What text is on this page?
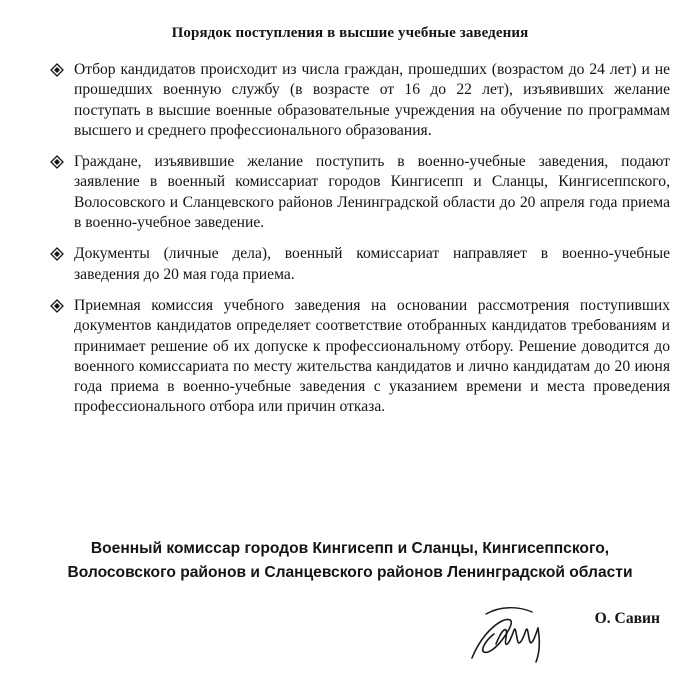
Порядок поступления в высшие учебные заведения
Отбор кандидатов происходит из числа граждан, прошедших (возрастом до 24 лет) и не прошедших военную службу (в возрасте от 16 до 22 лет), изъявивших желание поступать в высшие военные образовательные учреждения на обучение по программам высшего и среднего профессионального образования.
Граждане, изъявившие желание поступить в военно-учебные заведения, подают заявление в военный комиссариат городов Кингисепп и Сланцы, Кингисеппского, Волосовского и Сланцевского районов Ленинградской области до 20 апреля года приема в военно-учебное заведение.
Документы (личные дела), военный комиссариат направляет в военно-учебные заведения до 20 мая года приема.
Приемная комиссия учебного заведения на основании рассмотрения поступивших документов кандидатов определяет соответствие отобранных кандидатов требованиям и принимает решение об их допуске к профессиональному отбору. Решение доводится до военного комиссариата по месту жительства кандидатов и лично кандидатам до 20 июня года приема в военно-учебные заведения с указанием времени и места проведения профессионального отбора или причин отказа.
Военный комиссар городов Кингисепп и Сланцы, Кингисеппского,
Волосовского районов и Сланцевского районов Ленинградской области
О. Савин
